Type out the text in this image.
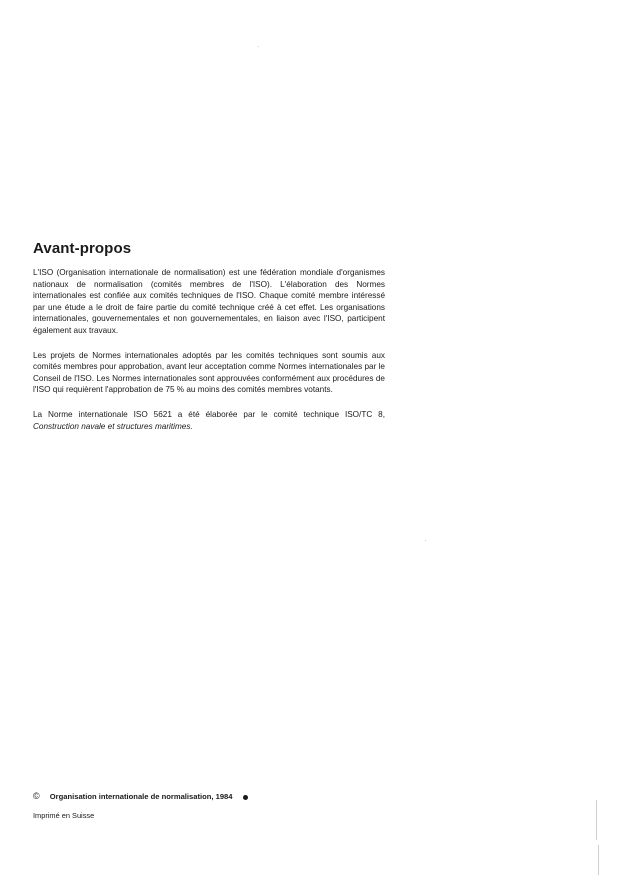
Avant-propos

L'ISO (Organisation internationale de normalisation) est une fédération mondiale d'organismes nationaux de normalisation (comités membres de l'ISO). L'élaboration des Normes internationales est confiée aux comités techniques de l'ISO. Chaque comité membre intéressé par une étude a le droit de faire partie du comité technique créé à cet effet. Les organisations internationales, gouvernementales et non gouvernementales, en liaison avec l'ISO, participent également aux travaux.

Les projets de Normes internationales adoptés par les comités techniques sont soumis aux comités membres pour approbation, avant leur acceptation comme Normes internationales par le Conseil de l'ISO. Les Normes internationales sont approuvées conformément aux procédures de l'ISO qui requièrent l'approbation de 75 % au moins des comités membres votants.

La Norme internationale ISO 5621 a été élaborée par le comité technique ISO/TC 8, Construction navale et structures maritimes.

© Organisation internationale de normalisation, 1984
Imprimé en Suisse
